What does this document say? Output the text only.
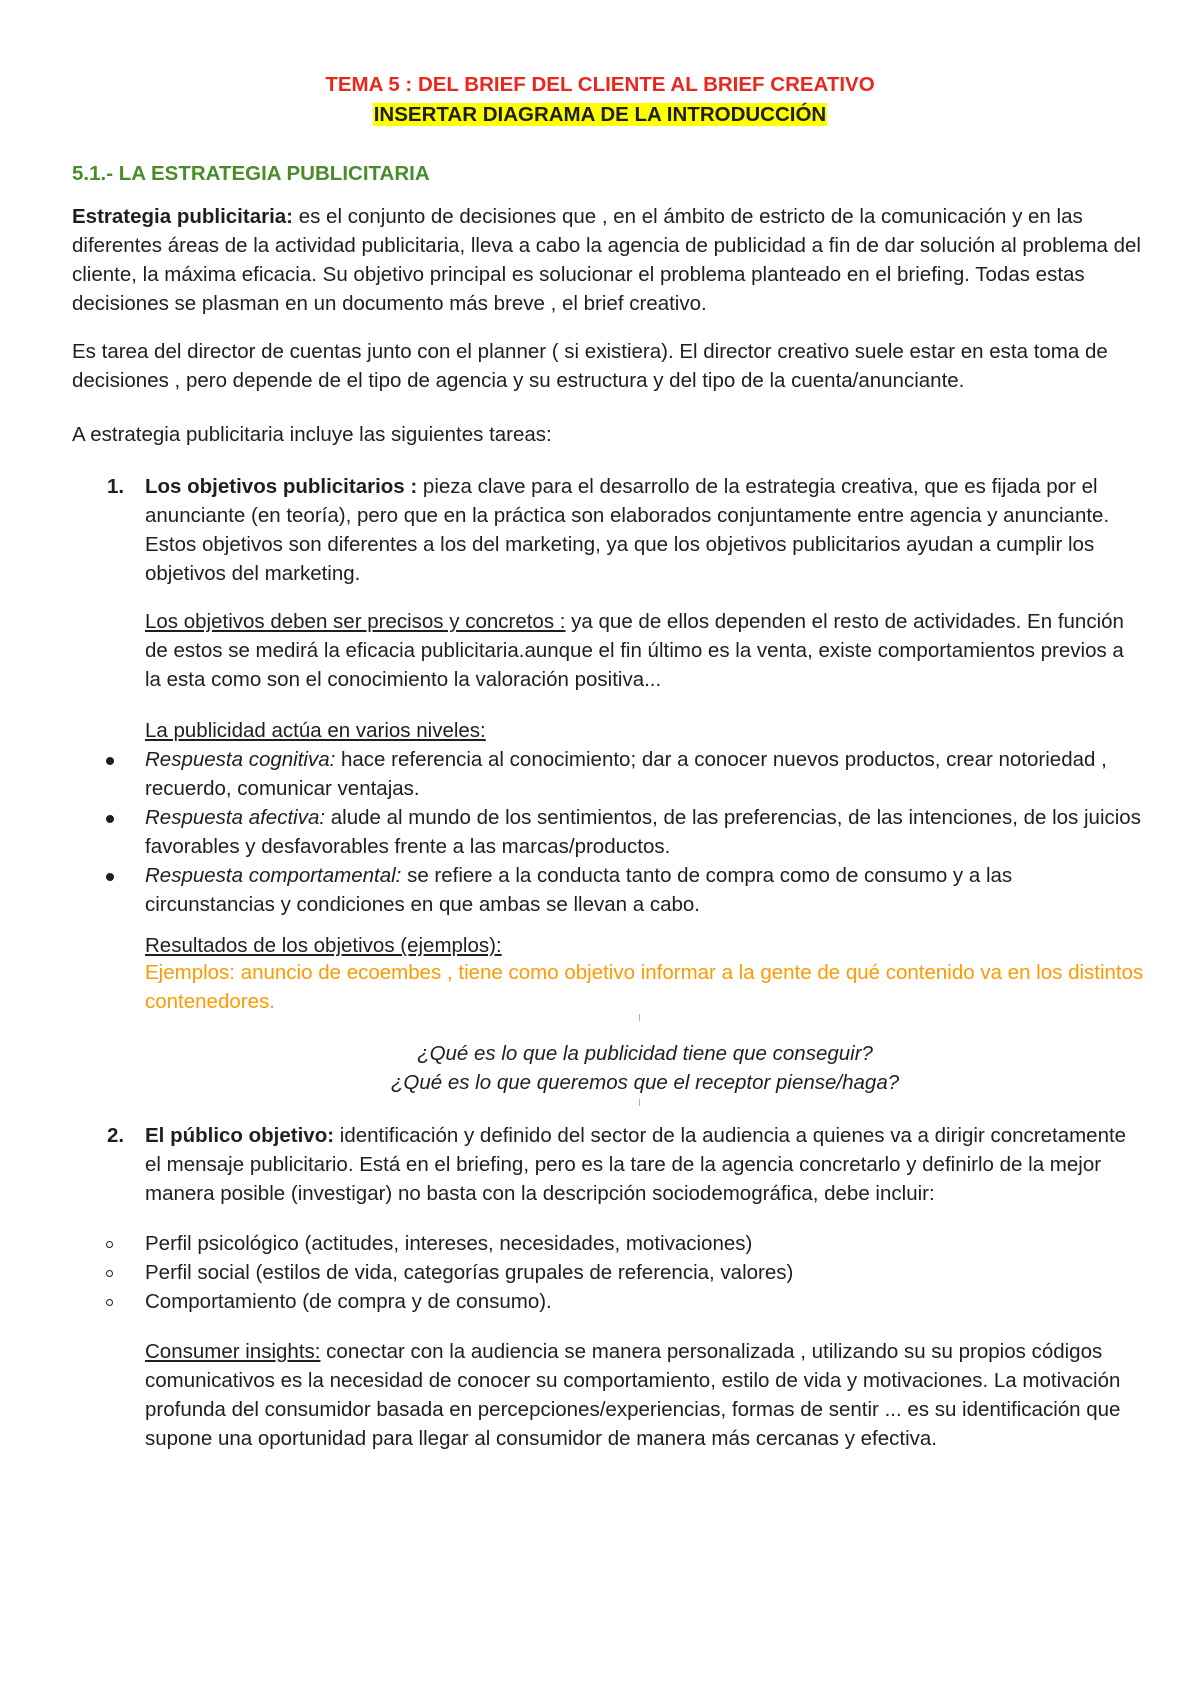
TEMA 5 : DEL BRIEF DEL CLIENTE AL BRIEF CREATIVO

INSERTAR DIAGRAMA DE LA INTRODUCCIÓN

5.1.- LA ESTRATEGIA PUBLICITARIA

Estrategia publicitaria: es el conjunto de decisiones que , en el ámbito de estricto de la comunicación y en las diferentes áreas de la actividad publicitaria, lleva a cabo la agencia de publicidad a fin de dar solución al problema del cliente, la máxima eficacia. Su objetivo principal es solucionar el problema planteado en el briefing. Todas estas decisiones se plasman en un documento más breve , el brief creativo.

Es tarea del director de cuentas junto con el planner ( si existiera). El director creativo suele estar en esta toma de decisiones , pero depende de el tipo de agencia y su estructura y del tipo de la cuenta/anunciante.

A estrategia publicitaria incluye las siguientes tareas:

1. Los objetivos publicitarios : pieza clave para el desarrollo de la estrategia creativa, que es fijada por el anunciante (en teoría), pero que en la práctica son elaborados conjuntamente entre agencia y anunciante. Estos objetivos son diferentes a los del marketing, ya que los objetivos publicitarios ayudan a cumplir los objetivos del marketing.

Los objetivos deben ser precisos y concretos : ya que de ellos dependen el resto de actividades. En función de estos se medirá la eficacia publicitaria.aunque el fin último es la venta, existe comportamientos previos a la esta como son el conocimiento la valoración positiva...

La publicidad actúa en varios niveles:

Respuesta cognitiva: hace referencia al conocimiento; dar a conocer nuevos productos, crear notoriedad , recuerdo, comunicar ventajas.
Respuesta afectiva: alude al mundo de los sentimientos, de las preferencias, de las intenciones, de los juicios favorables y desfavorables frente a las marcas/productos.
Respuesta comportamental: se refiere a la conducta tanto de compra como de consumo y a las circunstancias y condiciones en que ambas se llevan a cabo.

Resultados de los objetivos (ejemplos):

Ejemplos: anuncio de ecoembes , tiene como objetivo informar a la gente de qué contenido va en los distintos contenedores.

¿Qué es lo que la publicidad tiene que conseguir?

¿Qué es lo que queremos que el receptor piense/haga?

2. El público objetivo: identificación y definido del sector de la audiencia a quienes va a dirigir concretamente el mensaje publicitario. Está en el briefing, pero es la tare de la agencia concretarlo y definirlo de la mejor manera posible (investigar) no basta con la descripción sociodemográfica, debe incluir:

Perfil psicológico (actitudes, intereses, necesidades, motivaciones)
Perfil social (estilos de vida, categorías grupales de referencia, valores)
Comportamiento (de compra y de consumo).

Consumer insights: conectar con la audiencia se manera personalizada , utilizando su su propios códigos comunicativos es la necesidad de conocer su comportamiento, estilo de vida y motivaciones. La motivación profunda del consumidor basada en percepciones/experiencias, formas de sentir ... es su identificación que supone una oportunidad para llegar al consumidor de manera más cercanas y efectiva.
